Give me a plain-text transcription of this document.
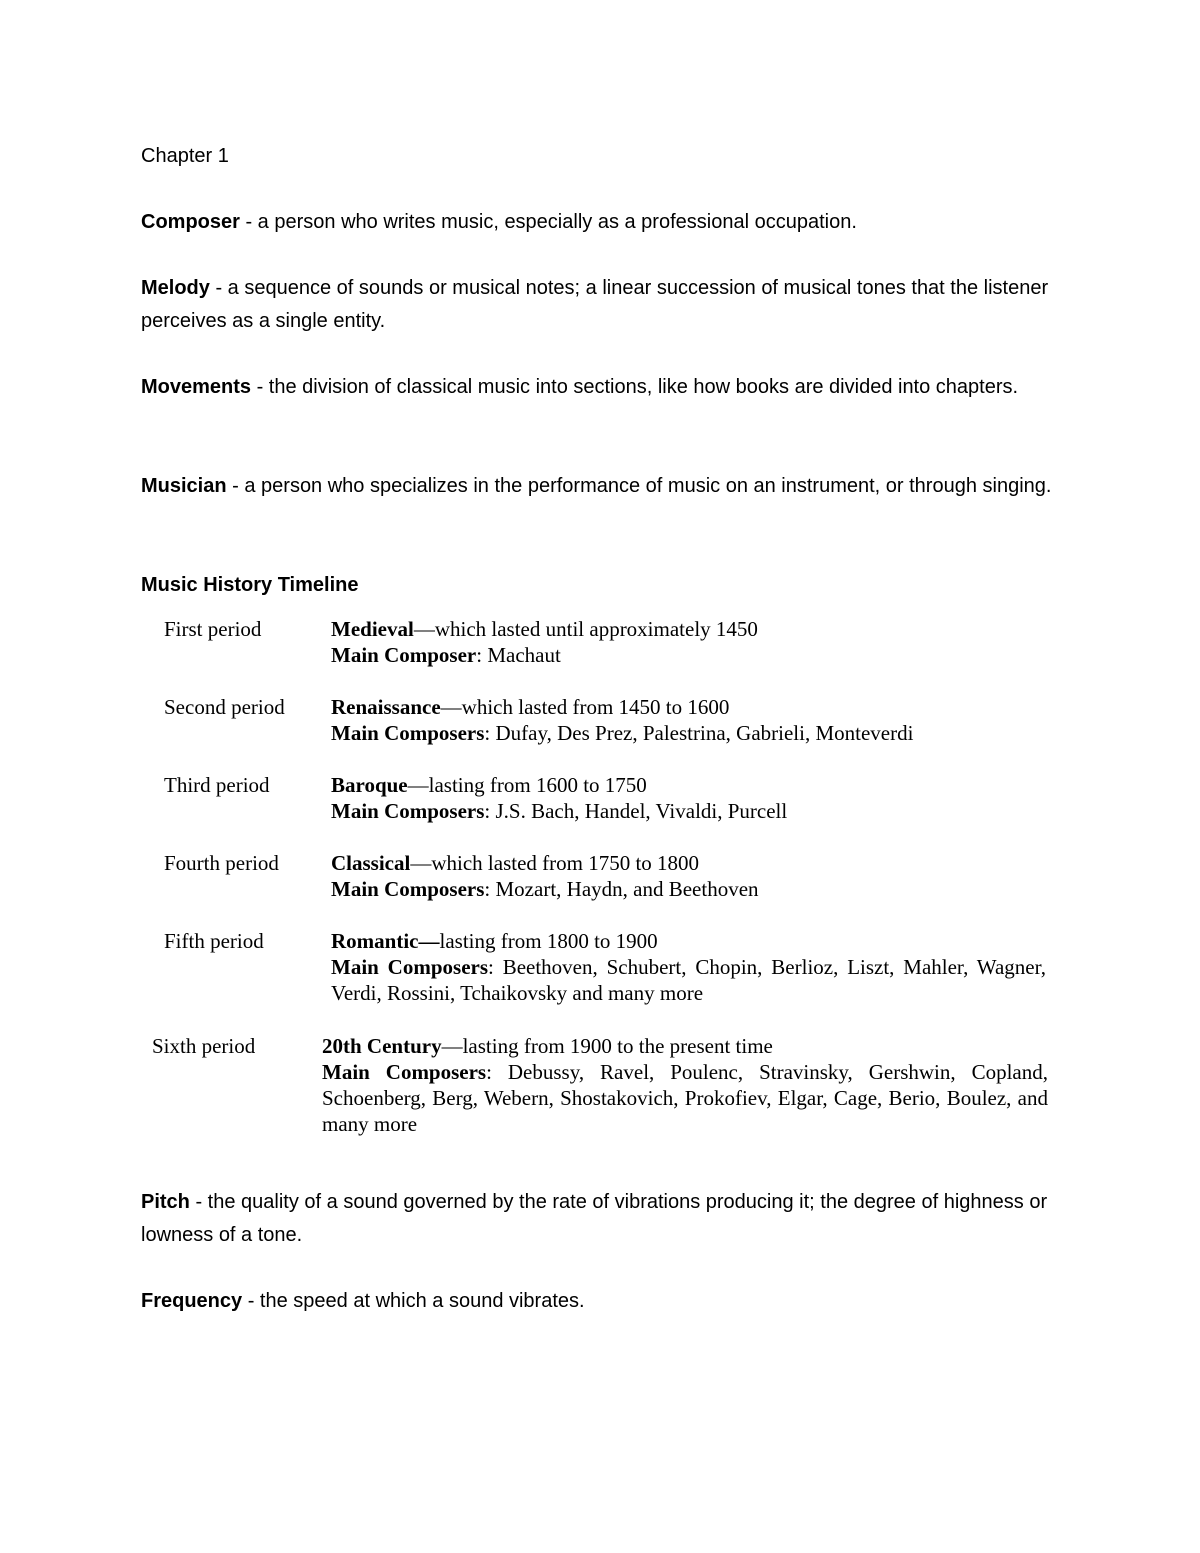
Chapter 1
Composer - a person who writes music, especially as a professional occupation.
Melody - a sequence of sounds or musical notes; a linear succession of musical tones that the listener perceives as a single entity.
Movements - the division of classical music into sections, like how books are divided into chapters.
Musician - a person who specializes in the performance of music on an instrument, or through singing.
Music History Timeline
First period	Medieval—which lasted until approximately 1450
Main Composer: Machaut
Second period Renaissance—which lasted from 1450 to 1600
Main Composers: Dufay, Des Prez, Palestrina, Gabrieli, Monteverdi
Third period	Baroque—lasting from 1600 to 1750
Main Composers: J.S. Bach, Handel, Vivaldi, Purcell
Fourth period Classical—which lasted from 1750 to 1800
Main Composers: Mozart, Haydn, and Beethoven
Fifth period	Romantic—lasting from 1800 to 1900
Main Composers: Beethoven, Schubert, Chopin, Berlioz, Liszt, Mahler, Wagner, Verdi, Rossini, Tchaikovsky and many more
Sixth period	20th Century—lasting from 1900 to the present time
Main Composers: Debussy, Ravel, Poulenc, Stravinsky, Gershwin, Copland, Schoenberg, Berg, Webern, Shostakovich, Prokofiev, Elgar, Cage, Berio, Boulez, and many more
Pitch - the quality of a sound governed by the rate of vibrations producing it; the degree of highness or lowness of a tone.
Frequency - the speed at which a sound vibrates.
